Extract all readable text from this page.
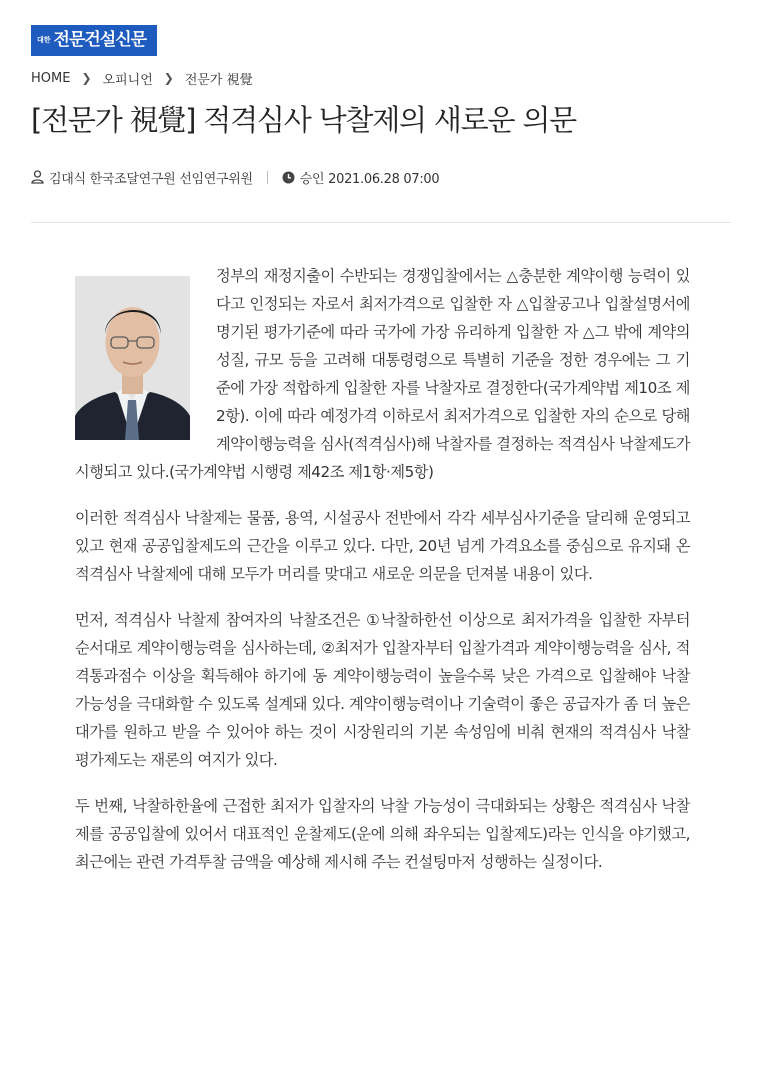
대한 전문건설신문
HOME ❯ 오피니언 ❯ 전문가 視覺
[전문가 視覺] 적격심사 낙찰제의 새로운 의문
김대식 한국조달연구원 선임연구위원	승인 2021.06.28 07:00

정부의 재정지출이 수반되는 경쟁입찰에서는 △충분한 계약이행 능력이 있다고 인정되는 자로서 최저가격으로 입찰한 자 △입찰공고나 입찰설명서에 명기된 평가기준에 따라 국가에 가장 유리하게 입찰한 자 △그 밖에 계약의 성질, 규모 등을 고려해 대통령령으로 특별히 기준을 정한 경우에는 그 기준에 가장 적합하게 입찰한 자를 낙찰자로 결정한다(국가계약법 제10조 제2항). 이에 따라 예정가격 이하로서 최저가격으로 입찰한 자의 순으로 당해 계약이행능력을 심사(적격심사)해 낙찰자를 결정하는 적격심사 낙찰제도가 시행되고 있다.(국가계약법 시행령 제42조 제1항·제5항)

이러한 적격심사 낙찰제는 물품, 용역, 시설공사 전반에서 각각 세부심사기준을 달리해 운영되고 있고 현재 공공입찰제도의 근간을 이루고 있다. 다만, 20년 넘게 가격요소를 중심으로 유지돼 온 적격심사 낙찰제에 대해 모두가 머리를 맞대고 새로운 의문을 던져볼 내용이 있다.

먼저, 적격심사 낙찰제 참여자의 낙찰조건은 ①낙찰하한선 이상으로 최저가격을 입찰한 자부터 순서대로 계약이행능력을 심사하는데, ②최저가 입찰자부터 입찰가격과 계약이행능력을 심사, 적격통과점수 이상을 획득해야 하기에 동 계약이행능력이 높을수록 낮은 가격으로 입찰해야 낙찰 가능성을 극대화할 수 있도록 설계돼 있다. 계약이행능력이나 기술력이 좋은 공급자가 좀 더 높은 대가를 원하고 받을 수 있어야 하는 것이 시장원리의 기본 속성임에 비춰 현재의 적격심사 낙찰 평가제도는 재론의 여지가 있다.

두 번째, 낙찰하한율에 근접한 최저가 입찰자의 낙찰 가능성이 극대화되는 상황은 적격심사 낙찰제를 공공입찰에 있어서 대표적인 운찰제도(운에 의해 좌우되는 입찰제도)라는 인식을 야기했고, 최근에는 관련 가격투찰 금액을 예상해 제시해 주는 컨설팅마저 성행하는 실정이다.
